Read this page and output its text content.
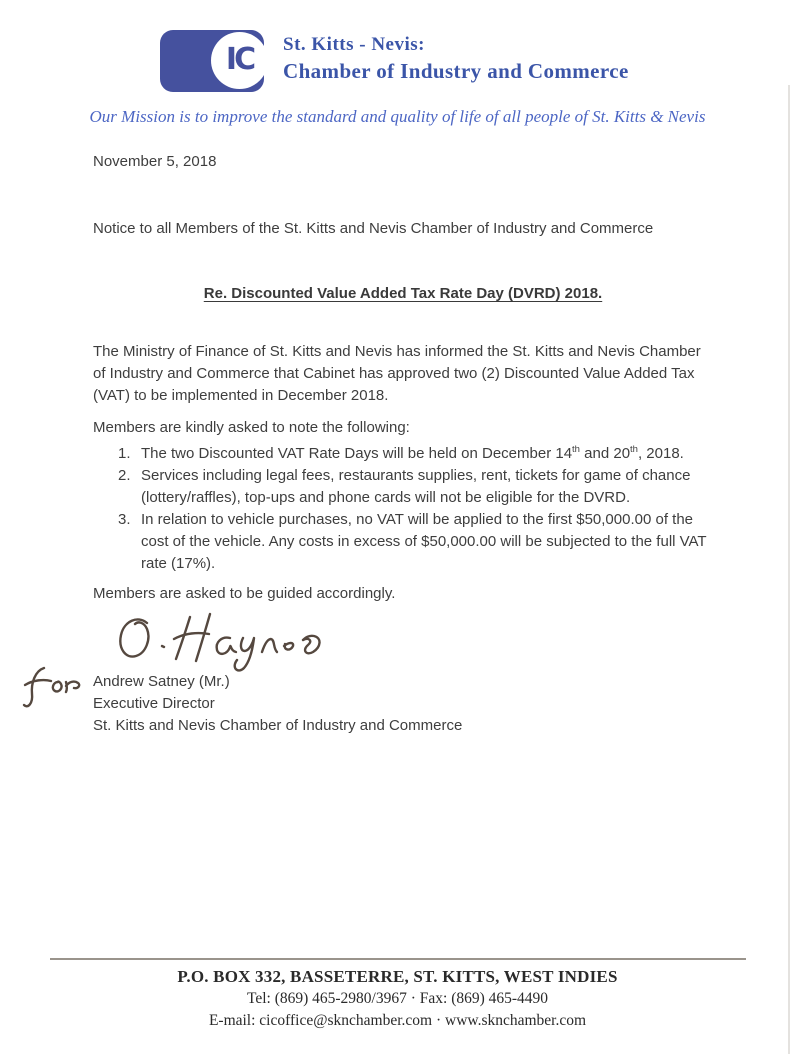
IC St. Kitts - Nevis:
Chamber of Industry and Commerce
Our Mission is to improve the standard and quality of life of all people of St. Kitts & Nevis
November 5, 2018
Notice to all Members of the St. Kitts and Nevis Chamber of Industry and Commerce
Re. Discounted Value Added Tax Rate Day (DVRD) 2018.
The Ministry of Finance of St. Kitts and Nevis has informed the St. Kitts and Nevis Chamber of Industry and Commerce that Cabinet has approved two (2) Discounted Value Added Tax (VAT) to be implemented in December 2018.
Members are kindly asked to note the following:
1. The two Discounted VAT Rate Days will be held on December 14th and 20th, 2018.
2. Services including legal fees, restaurants supplies, rent, tickets for game of chance (lottery/raffles), top-ups and phone cards will not be eligible for the DVRD.
3. In relation to vehicle purchases, no VAT will be applied to the first $50,000.00 of the cost of the vehicle. Any costs in excess of $50,000.00 will be subjected to the full VAT rate (17%).
Members are asked to be guided accordingly.
Andrew Satney (Mr.)
Executive Director
St. Kitts and Nevis Chamber of Industry and Commerce
P.O. BOX 332, BASSETERRE, ST. KITTS, WEST INDIES
Tel: (869) 465-2980/3967 · Fax: (869) 465-4490
E-mail: cicoffice@sknchamber.com · www.sknchamber.com
